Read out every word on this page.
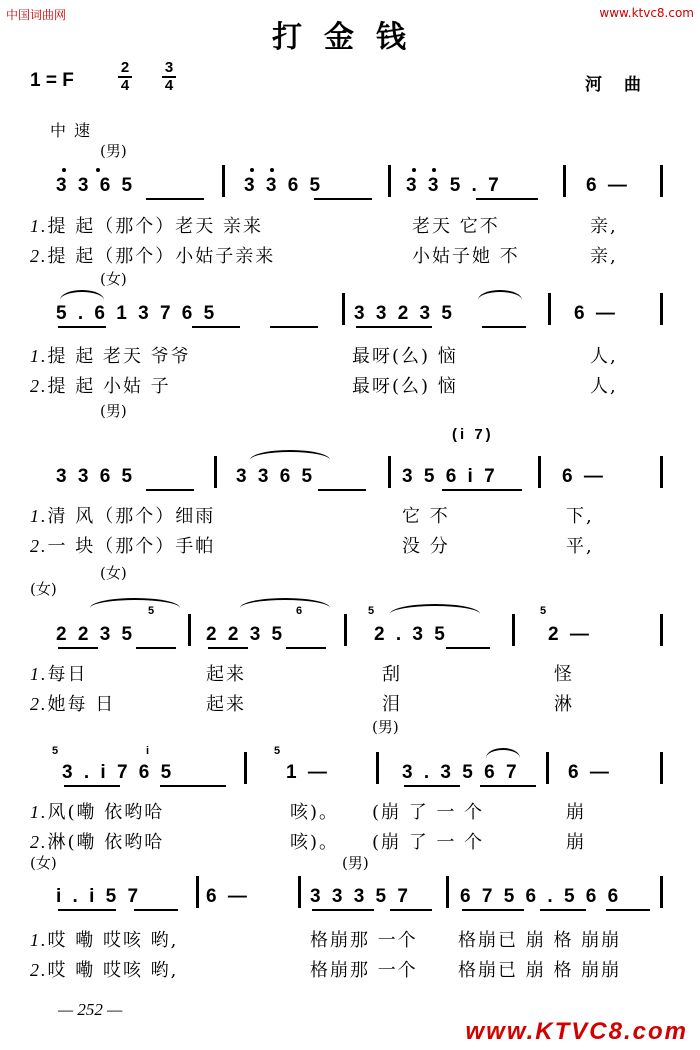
中国词曲网	www.ktvc8.com
打金钱
1 = F
2
4
3
4	河曲
中速
(男)
3 3 6 5	3 3 6 5	3 3 5 . 7	6 —
1.提 起（那个）老天 亲来	老天 它不	亲,
2.提 起（那个）小姑子亲来	小姑子她 不	亲,
(女)
5 . 6 1 3 7 6 5	3 3 2 3 5	6 —
1.提 起 老天 爷爷	最呀(么) 恼	人,
2.提 起 小姑 子	最呀(么) 恼	人,
(男)
(i 7)
3 3 6 5	3 3 6 5	3 5 6 i 7	6 —
1.清 风（那个）细雨	它 不	下,
2.一 块（那个）手帕	没 分	平,
(女)
(女)
5	6	5	5
2 2 3 5	2 2 3 5	2 . 3 5	2 —
1.每日	起来	刮	怪
2.她每 日	起来	泪	淋
(男)
5	i	5
3 . i 7 6 5	1 —	3 . 3 5 6 7	6 —
1.风(嘞 依哟哈	咳)。 (崩 了 一 个	崩
2.淋(嘞 依哟哈	咳)。 (崩 了 一 个	崩
(女)	(男)
i . i 5 7	6 —	3 3 3 5 7	6 7 5 6 . 5 6 6
1.哎 嘞 哎咳 哟,	格崩那 一个 格崩已 崩 格 崩崩
2.哎 嘞 哎咳 哟,	格崩那 一个 格崩已 崩 格 崩崩
— 252 —
www.KTVC8.com
